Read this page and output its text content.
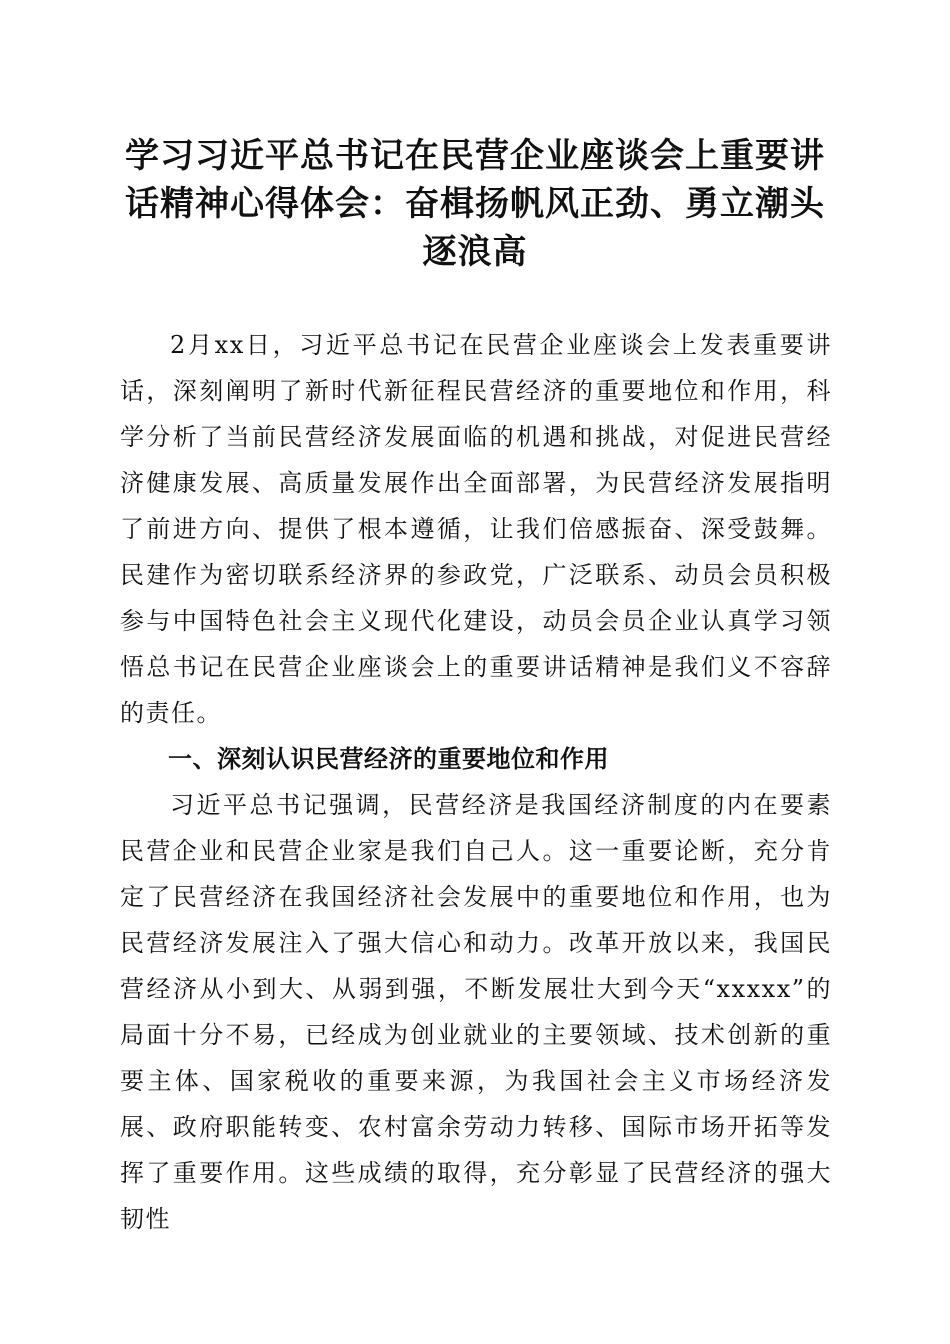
学习习近平总书记在民营企业座谈会上重要讲话精神心得体会：奋楫扬帆风正劲、勇立潮头逐浪高

2月xx日，习近平总书记在民营企业座谈会上发表重要讲话，深刻阐明了新时代新征程民营经济的重要地位和作用，科学分析了当前民营经济发展面临的机遇和挑战，对促进民营经济健康发展、高质量发展作出全面部署，为民营经济发展指明了前进方向、提供了根本遵循，让我们倍感振奋、深受鼓舞。民建作为密切联系经济界的参政党，广泛联系、动员会员积极参与中国特色社会主义现代化建设，动员会员企业认真学习领悟总书记在民营企业座谈会上的重要讲话精神是我们义不容辞的责任。

一、深刻认识民营经济的重要地位和作用

习近平总书记强调，民营经济是我国经济制度的内在要素民营企业和民营企业家是我们自己人。这一重要论断，充分肯定了民营经济在我国经济社会发展中的重要地位和作用，也为民营经济发展注入了强大信心和动力。改革开放以来，我国民营经济从小到大、从弱到强，不断发展壮大到今天“xxxxx”的局面十分不易，已经成为创业就业的主要领域、技术创新的重要主体、国家税收的重要来源，为我国社会主义市场经济发展、政府职能转变、农村富余劳动力转移、国际市场开拓等发挥了重要作用。这些成绩的取得，充分彰显了民营经济的强大韧性
